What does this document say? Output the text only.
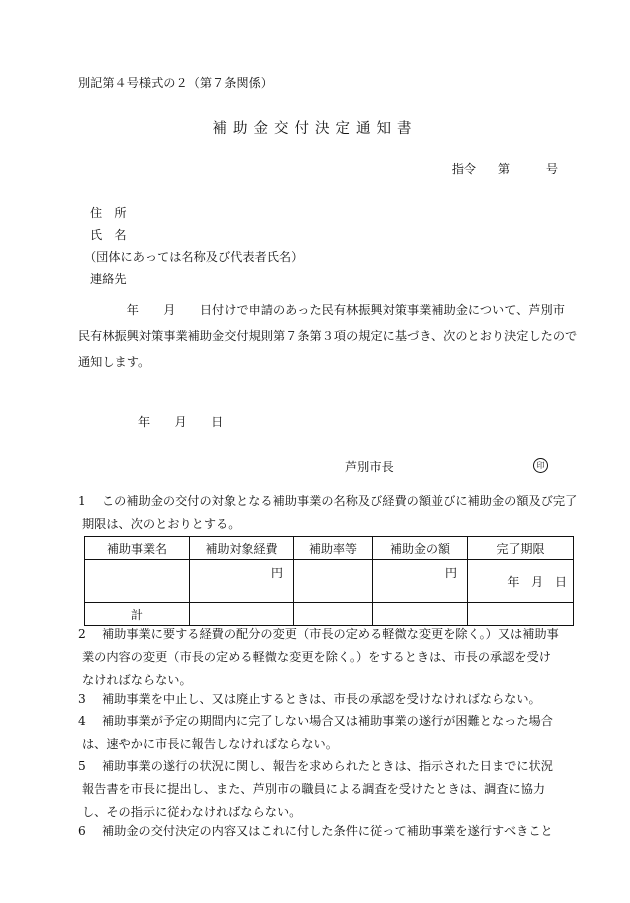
別記第４号様式の２（第７条関係）
補助金交付決定通知書
指令 第	号
住　所
氏　名
（団体にあっては名称及び代表者氏名）
連絡先

　　　　年　　月　　日付けで申請のあった民有林振興対策事業補助金について、芦別市

民有林振興対策事業補助金交付規則第７条第３項の規定に基づき、次のとおり決定したので

通知します。

年　　月　　日
芦別市長	印
1 この補助金の交付の対象となる補助事業の名称及び経費の額並びに補助金の額及び完了
期限は、次のとおりとする。
補助事業名	補助対象経費	補助率等	補助金の額	完了期限
	円		円	年 月 日
計				
2 補助事業に要する経費の配分の変更（市長の定める軽微な変更を除く。）又は補助事
業の内容の変更（市長の定める軽微な変更を除く。）をするときは、市長の承認を受け
なければならない。
3 補助事業を中止し、又は廃止するときは、市長の承認を受けなければならない。
4 補助事業が予定の期間内に完了しない場合又は補助事業の遂行が困難となった場合
は、速やかに市長に報告しなければならない。
5 補助事業の遂行の状況に関し、報告を求められたときは、指示された日までに状況
報告書を市長に提出し、また、芦別市の職員による調査を受けたときは、調査に協力
し、その指示に従わなければならない。
6 補助金の交付決定の内容又はこれに付した条件に従って補助事業を遂行すべきこと
